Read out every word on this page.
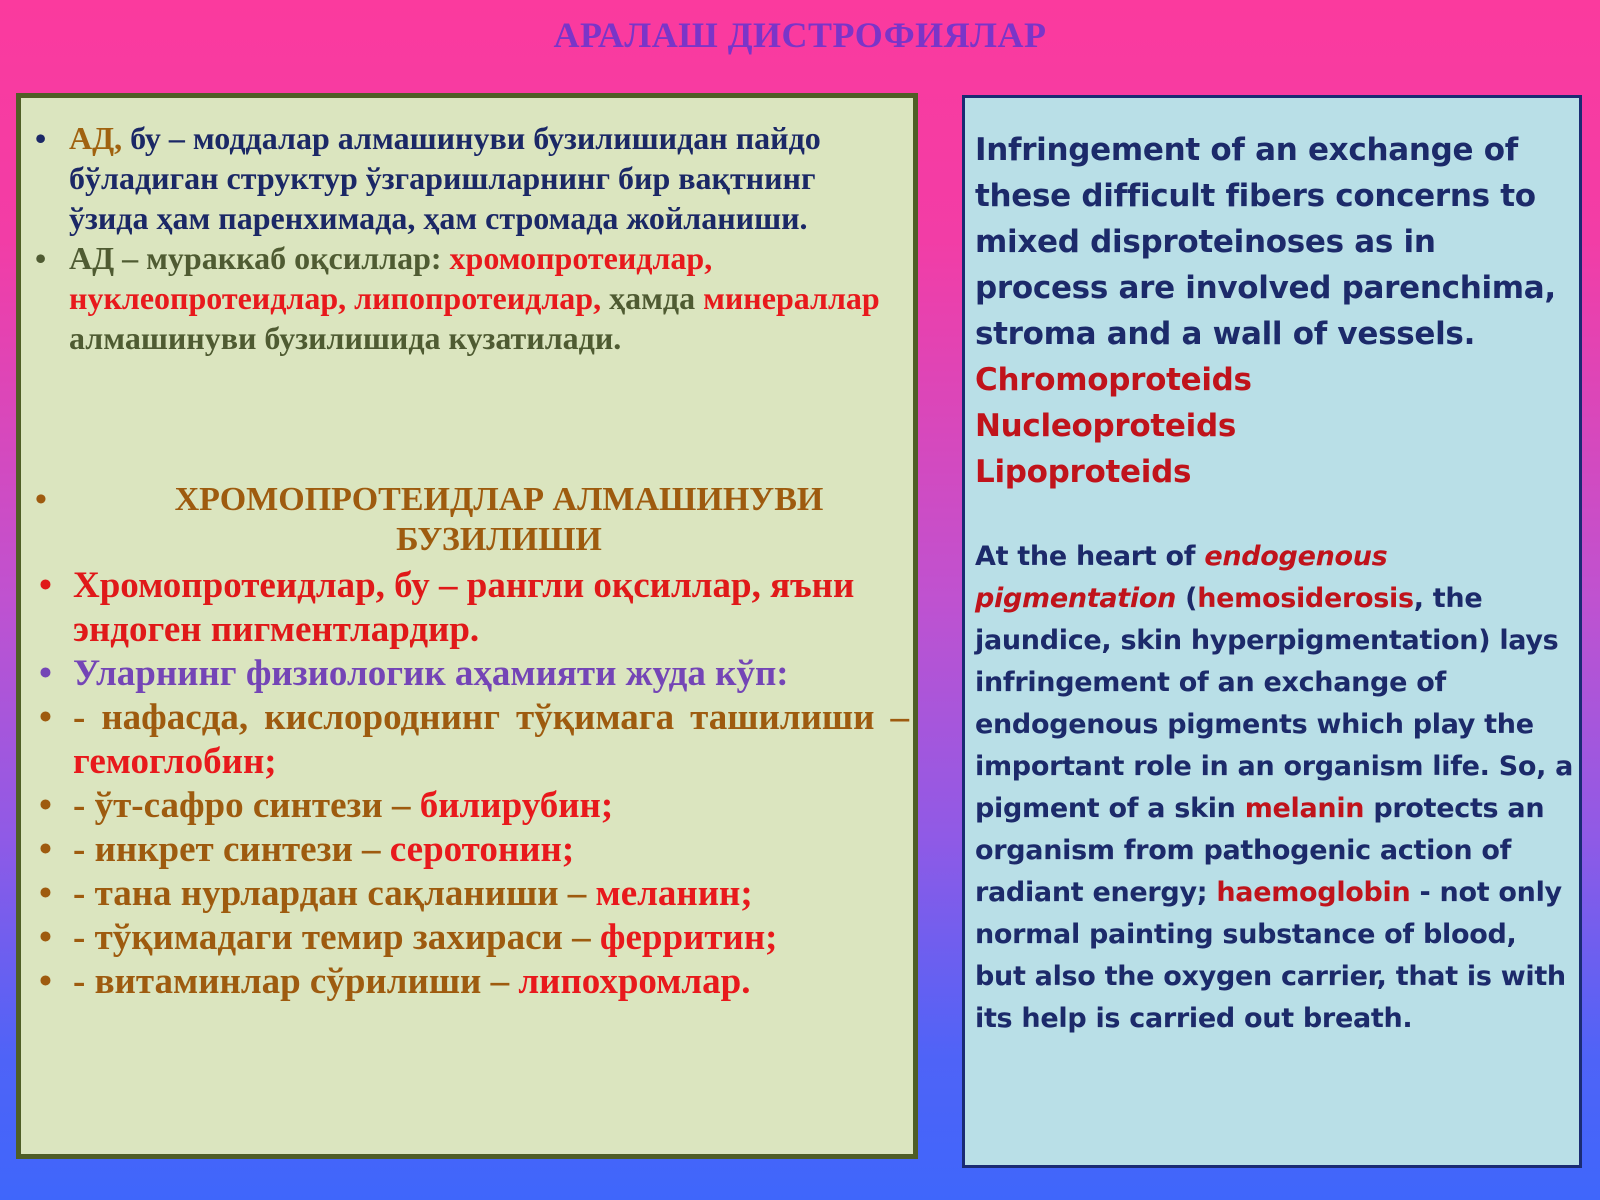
АРАЛАШ ДИСТРОФИЯЛАР
• АД, бу – моддалар алмашинуви бузилишидан пайдо бўладиган структур ўзгаришларнинг бир вақтнинг ўзида ҳам паренхимада, ҳам стромада жойланиши.
• АД – мураккаб оқсиллар: хромопротеидлар, нуклеопротеидлар, липопротеидлар, ҳамда минераллар алмашинуви бузилишида кузатилади.
• ХРОМОПРОТЕИДЛАР АЛМАШИНУВИ БУЗИЛИШИ
• Хромопротеидлар, бу – рангли оқсиллар, яъни эндоген пигментлардир.
• Уларнинг физиологик аҳамияти жуда кўп:
• - нафасда, кислороднинг тўқимага ташилиши – гемоглобин;
• - ўт-сафро синтези – билирубин;
• - инкрет синтези – серотонин;
• - тана нурлардан сақланиши – меланин;
• - тўқимадаги темир захираси – ферритин;
• - витаминлар сўрилиши – липохромлар.
Infringement of an exchange of these difficult fibers concerns to mixed disproteinoses as in process are involved parenchima, stroma and a wall of vessels.
Chromoproteids
Nucleoproteids
Lipoproteids
At the heart of endogenous pigmentation (hemosiderosis, the jaundice, skin hyperpigmentation) lays infringement of an exchange of endogenous pigments which play the important role in an organism life. So, a pigment of a skin melanin protects an organism from pathogenic action of radiant energy; haemoglobin - not only normal painting substance of blood, but also the oxygen carrier, that is with its help is carried out breath.
